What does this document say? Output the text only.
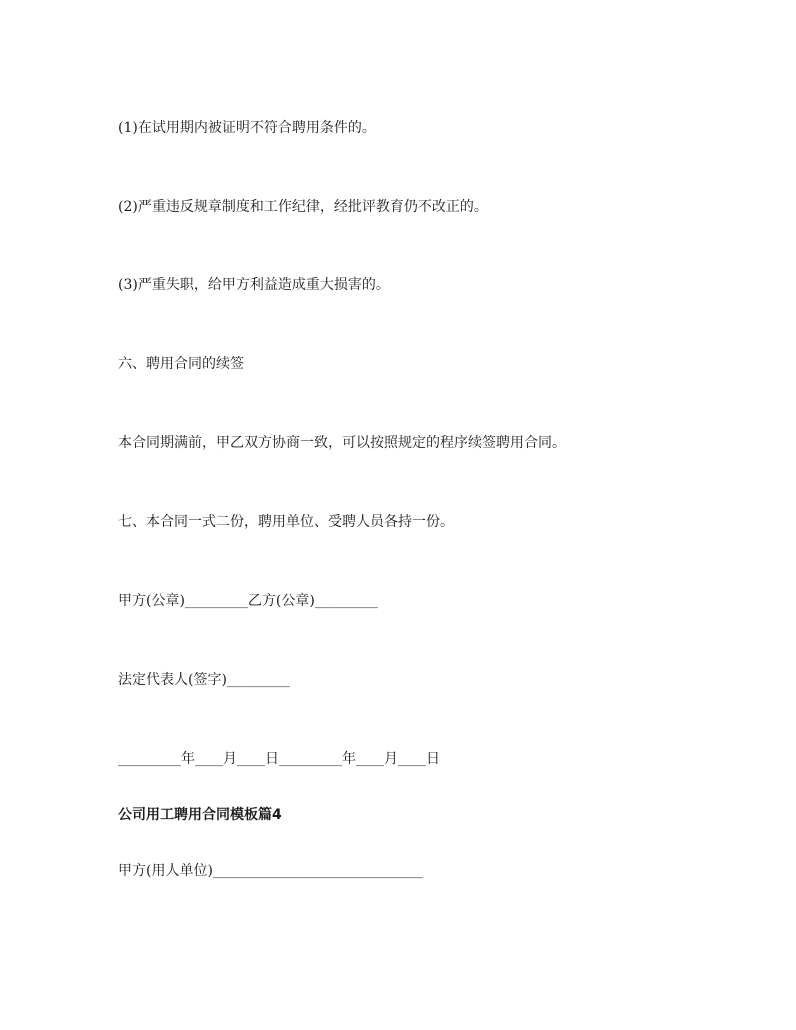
(1)在试用期内被证明不符合聘用条件的。

(2)严重违反规章制度和工作纪律，经批评教育仍不改正的。

(3)严重失职，给甲方利益造成重大损害的。

六、聘用合同的续签

本合同期满前，甲乙双方协商一致，可以按照规定的程序续签聘用合同。

七、本合同一式二份，聘用单位、受聘人员各持一份。

甲方(公章)_________乙方(公章)_________

法定代表人(签字)_________

_________年____月____日_________年____月____日

公司用工聘用合同模板篇4

甲方(用人单位)______________________________
